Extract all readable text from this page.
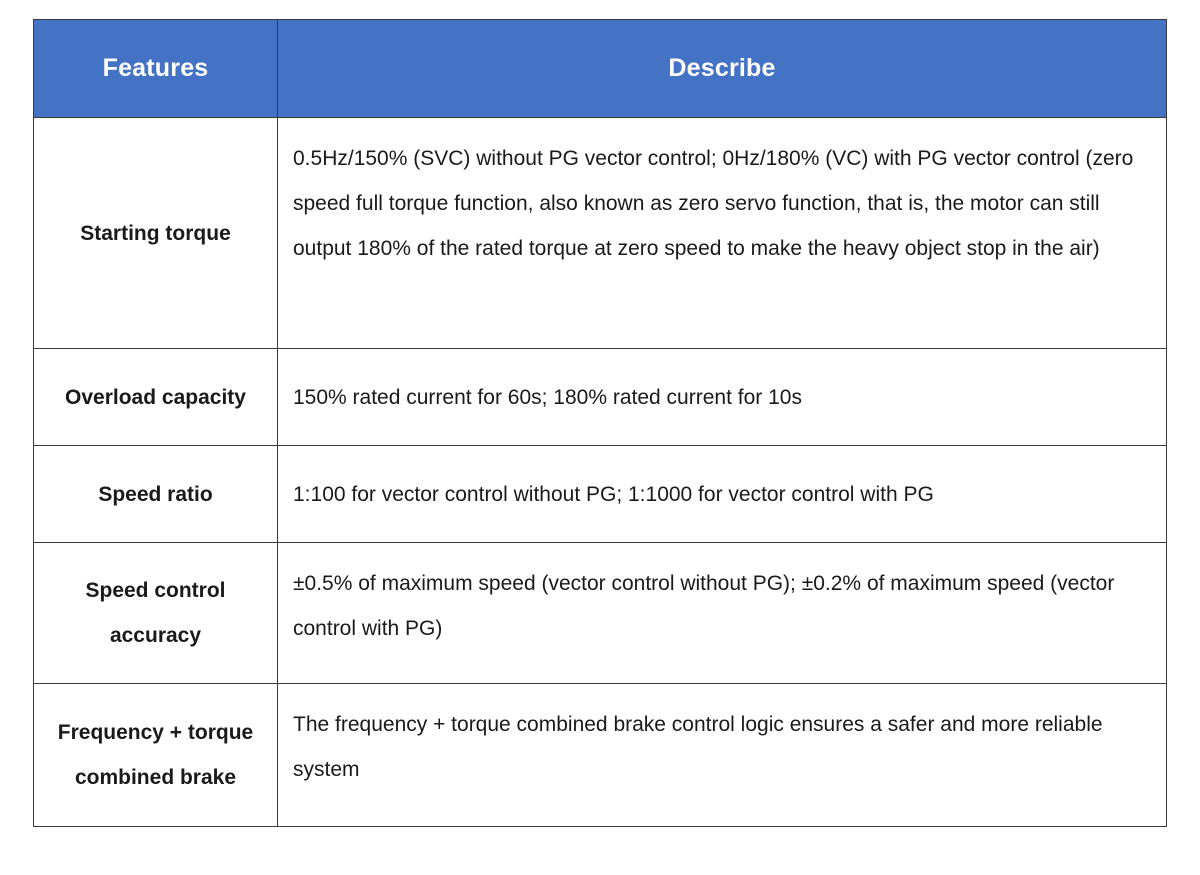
Features	Describe
Starting torque	0.5Hz/150% (SVC) without PG vector control; 0Hz/180% (VC) with PG vector control (zero speed full torque function, also known as zero servo function, that is, the motor can still output 180% of the rated torque at zero speed to make the heavy object stop in the air)
Overload capacity	150% rated current for 60s; 180% rated current for 10s
Speed ratio	1:100 for vector control without PG; 1:1000 for vector control with PG
Speed control accuracy	±0.5% of maximum speed (vector control without PG); ±0.2% of maximum speed (vector control with PG)
Frequency + torque combined brake	The frequency + torque combined brake control logic ensures a safer and more reliable system
